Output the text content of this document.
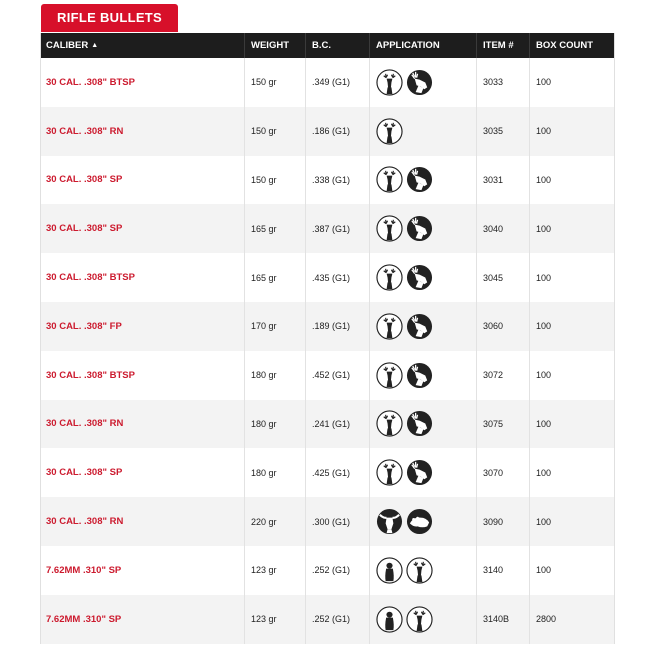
RIFLE BULLETS
CALIBER ▲	WEIGHT	B.C.	APPLICATION	ITEM #	BOX COUNT
30 CAL. .308" BTSP	150 gr	.349 (G1)	3033	100
30 CAL. .308" RN	150 gr	.186 (G1)	3035	100
30 CAL. .308" SP	150 gr	.338 (G1)	3031	100
30 CAL. .308" SP	165 gr	.387 (G1)	3040	100
30 CAL. .308" BTSP	165 gr	.435 (G1)	3045	100
30 CAL. .308" FP	170 gr	.189 (G1)	3060	100
30 CAL. .308" BTSP	180 gr	.452 (G1)	3072	100
30 CAL. .308" RN	180 gr	.241 (G1)	3075	100
30 CAL. .308" SP	180 gr	.425 (G1)	3070	100
30 CAL. .308" RN	220 gr	.300 (G1)	3090	100
7.62MM .310" SP	123 gr	.252 (G1)	3140	100
7.62MM .310" SP	123 gr	.252 (G1)	3140B	2800
